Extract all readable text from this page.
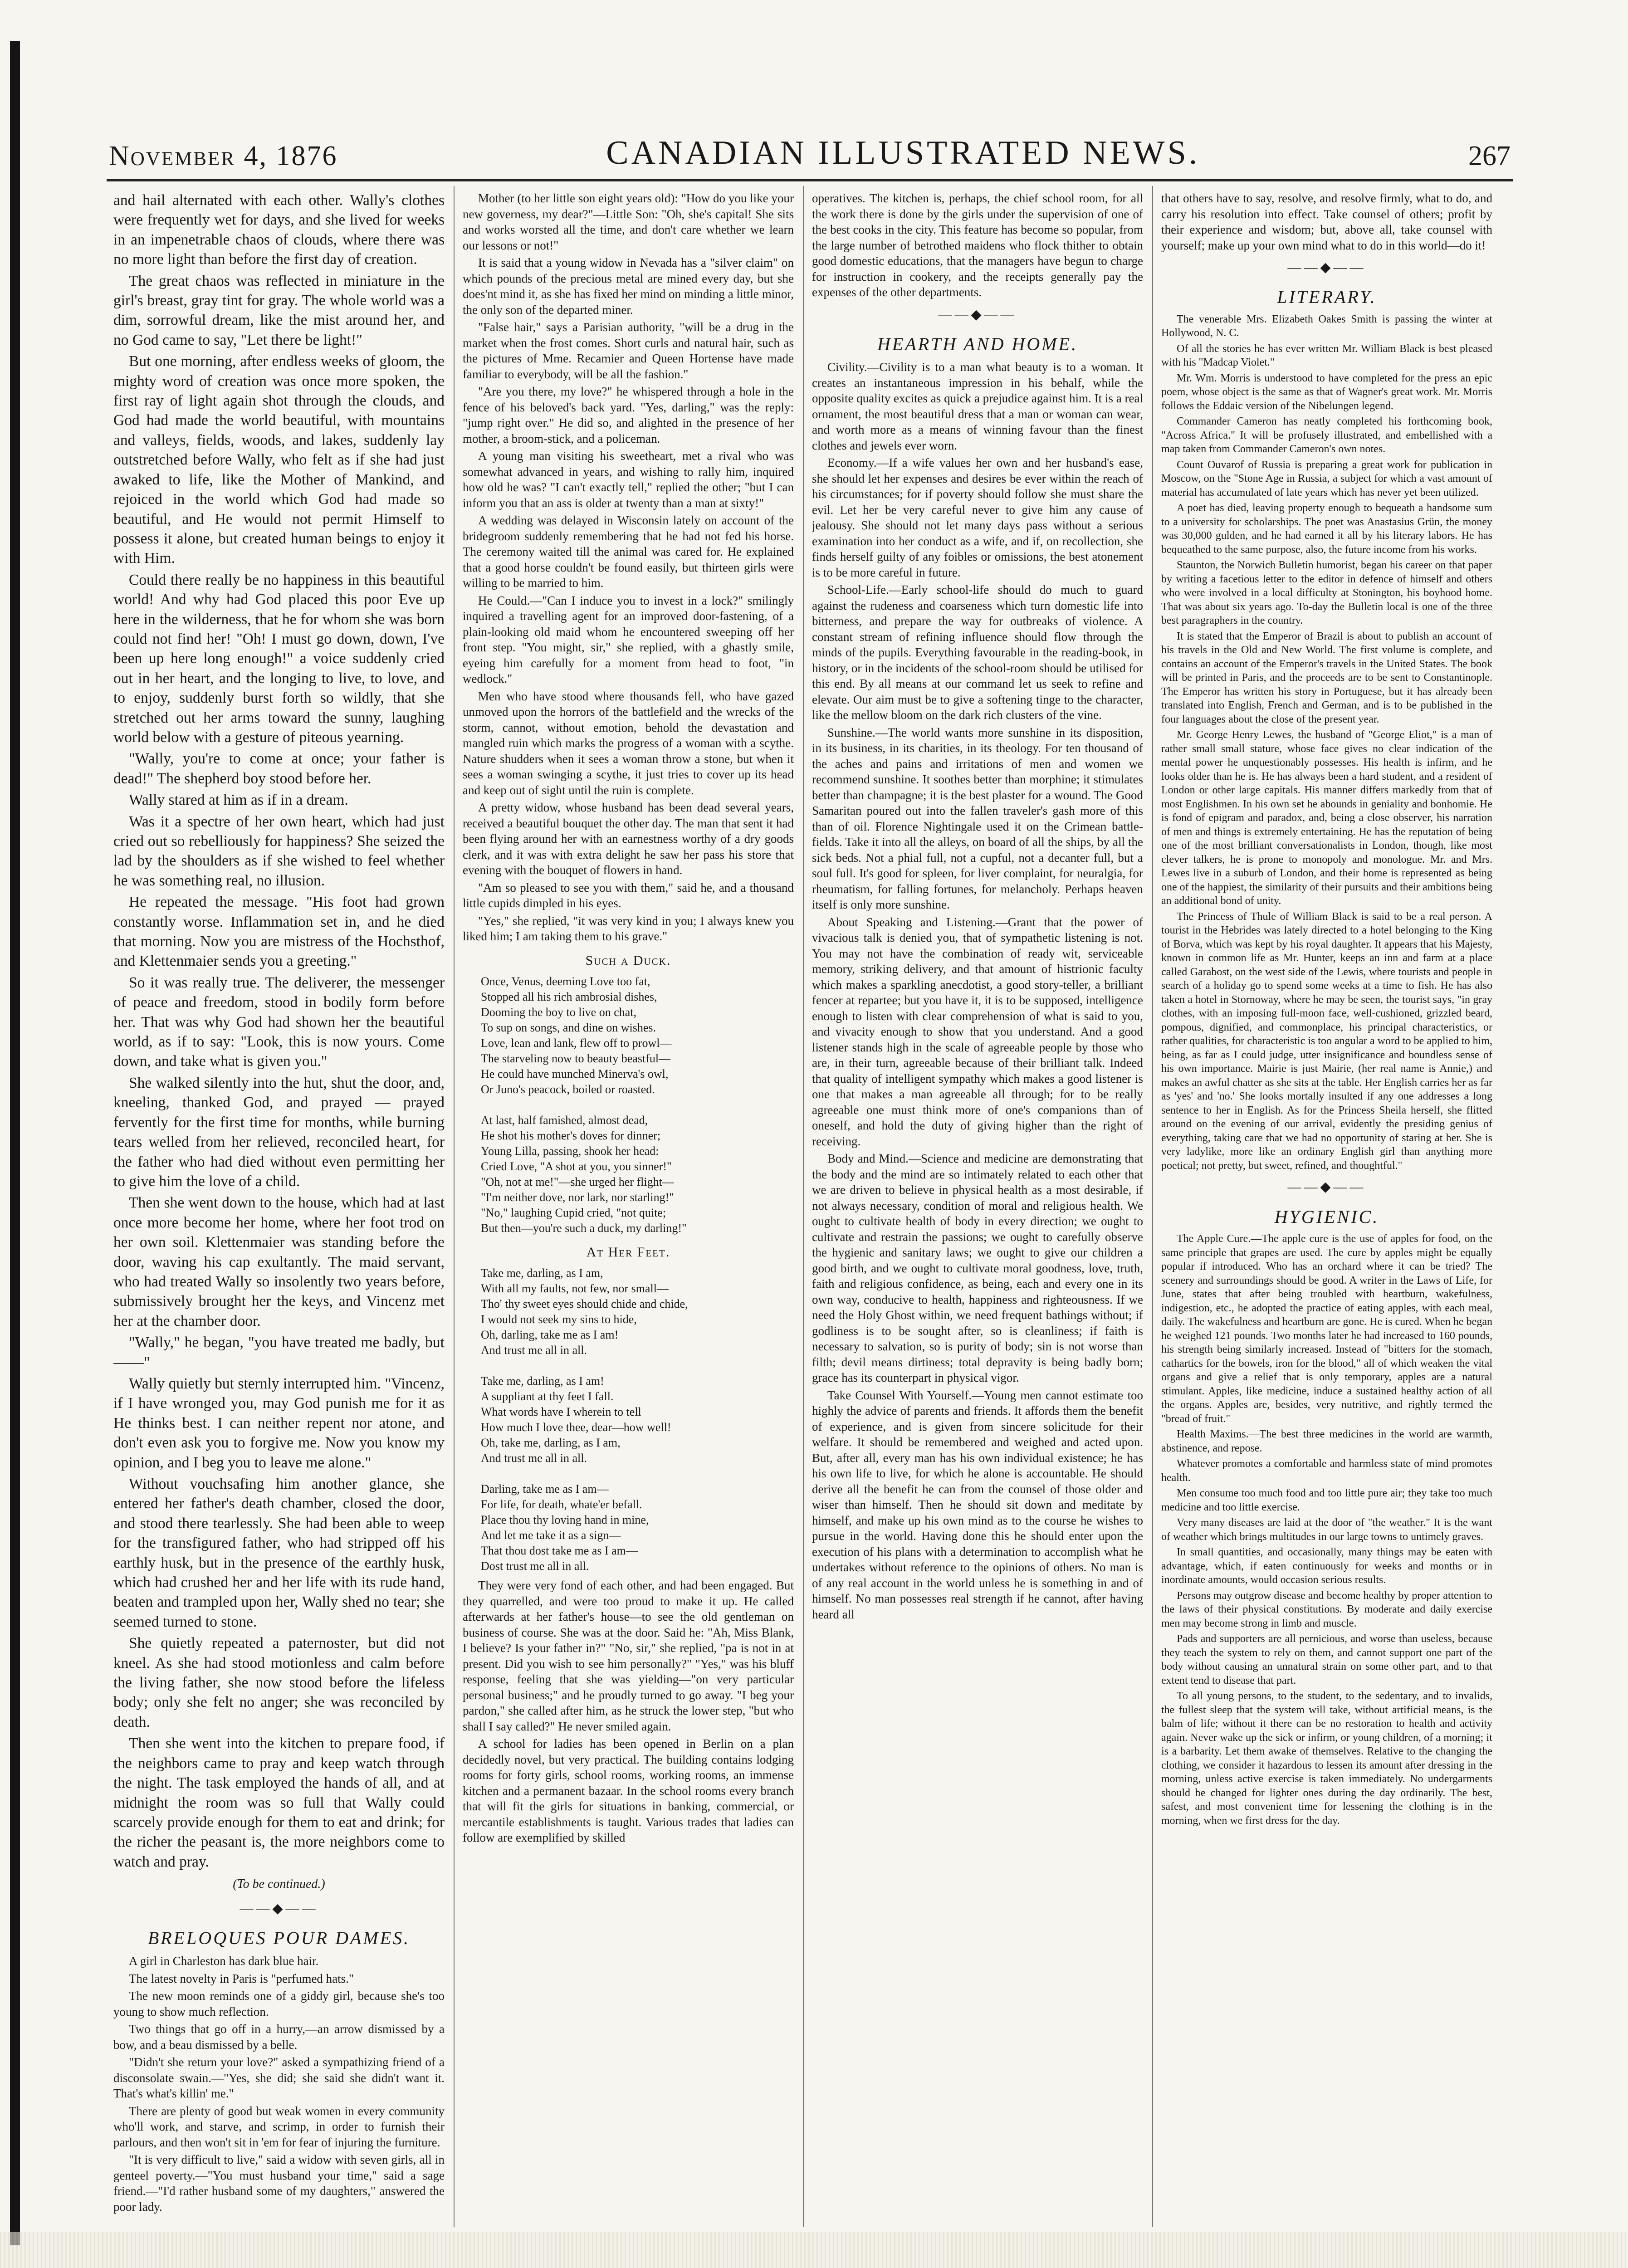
November 4, 1876	CANADIAN ILLUSTRATED NEWS.	267

and hail alternated with each other. Wally's clothes were frequently wet for days, and she lived for weeks in an impenetrable chaos of clouds, where there was no more light than before the first day of creation.

The great chaos was reflected in miniature in the girl's breast, gray tint for gray. The whole world was a dim, sorrowful dream, like the mist around her, and no God came to say, "Let there be light!"

But one morning, after endless weeks of gloom, the mighty word of creation was once more spoken, the first ray of light again shot through the clouds, and God had made the world beautiful, with mountains and valleys, fields, woods, and lakes, suddenly lay outstretched before Wally, who felt as if she had just awaked to life, like the Mother of Mankind, and rejoiced in the world which God had made so beautiful, and He would not permit Himself to possess it alone, but created human beings to enjoy it with Him.

Could there really be no happiness in this beautiful world! And why had God placed this poor Eve up here in the wilderness, that he for whom she was born could not find her! "Oh! I must go down, down, I've been up here long enough!" a voice suddenly cried out in her heart, and the longing to live, to love, and to enjoy, suddenly burst forth so wildly, that she stretched out her arms toward the sunny, laughing world below with a gesture of piteous yearning.

"Wally, you're to come at once; your father is dead!" The shepherd boy stood before her.

Wally stared at him as if in a dream.

Was it a spectre of her own heart, which had just cried out so rebelliously for happiness? She seized the lad by the shoulders as if she wished to feel whether he was something real, no illusion.

He repeated the message. "His foot had grown constantly worse. Inflammation set in, and he died that morning. Now you are mistress of the Hochsthof, and Klettenmaier sends you a greeting."

So it was really true. The deliverer, the messenger of peace and freedom, stood in bodily form before her. That was why God had shown her the beautiful world, as if to say: "Look, this is now yours. Come down, and take what is given you."

She walked silently into the hut, shut the door, and, kneeling, thanked God, and prayed — prayed fervently for the first time for months, while burning tears welled from her relieved, reconciled heart, for the father who had died without even permitting her to give him the love of a child.

Then she went down to the house, which had at last once more become her home, where her foot trod on her own soil. Klettenmaier was standing before the door, waving his cap exultantly. The maid servant, who had treated Wally so insolently two years before, submissively brought her the keys, and Vincenz met her at the chamber door.

"Wally," he began, "you have treated me badly, but——"

Wally quietly but sternly interrupted him. "Vincenz, if I have wronged you, may God punish me for it as He thinks best. I can neither repent nor atone, and don't even ask you to forgive me. Now you know my opinion, and I beg you to leave me alone."

Without vouchsafing him another glance, she entered her father's death chamber, closed the door, and stood there tearlessly. She had been able to weep for the transfigured father, who had stripped off his earthly husk, but in the presence of the earthly husk, which had crushed her and her life with its rude hand, beaten and trampled upon her, Wally shed no tear; she seemed turned to stone.

She quietly repeated a paternoster, but did not kneel. As she had stood motionless and calm before the living father, she now stood before the lifeless body; only she felt no anger; she was reconciled by death.

Then she went into the kitchen to prepare food, if the neighbors came to pray and keep watch through the night. The task employed the hands of all, and at midnight the room was so full that Wally could scarcely provide enough for them to eat and drink; for the richer the peasant is, the more neighbors come to watch and pray.

(To be continued.)
——◆——
BRELOQUES POUR DAMES.

A girl in Charleston has dark blue hair.

The latest novelty in Paris is "perfumed hats."

The new moon reminds one of a giddy girl, because she's too young to show much reflection.

Two things that go off in a hurry,—an arrow dismissed by a bow, and a beau dismissed by a belle.

"Didn't she return your love?" asked a sympathizing friend of a disconsolate swain.—"Yes, she did; she said she didn't want it. That's what's killin' me."

There are plenty of good but weak women in every community who'll work, and starve, and scrimp, in order to furnish their parlours, and then won't sit in 'em for fear of injuring the furniture.

"It is very difficult to live," said a widow with seven girls, all in genteel poverty.—"You must husband your time," said a sage friend.—"I'd rather husband some of my daughters," answered the poor lady.

Mother (to her little son eight years old): "How do you like your new governess, my dear?"—Little Son: "Oh, she's capital! She sits and works worsted all the time, and don't care whether we learn our lessons or not!"

It is said that a young widow in Nevada has a "silver claim" on which pounds of the precious metal are mined every day, but she does'nt mind it, as she has fixed her mind on minding a little minor, the only son of the departed miner.

"False hair," says a Parisian authority, "will be a drug in the market when the frost comes. Short curls and natural hair, such as the pictures of Mme. Recamier and Queen Hortense have made familiar to everybody, will be all the fashion."

"Are you there, my love?" he whispered through a hole in the fence of his beloved's back yard. "Yes, darling," was the reply: "jump right over." He did so, and alighted in the presence of her mother, a broom-stick, and a policeman.

A young man visiting his sweetheart, met a rival who was somewhat advanced in years, and wishing to rally him, inquired how old he was? "I can't exactly tell," replied the other; "but I can inform you that an ass is older at twenty than a man at sixty!"

A wedding was delayed in Wisconsin lately on account of the bridegroom suddenly remembering that he had not fed his horse. The ceremony waited till the animal was cared for. He explained that a good horse couldn't be found easily, but thirteen girls were willing to be married to him.

He Could.—"Can I induce you to invest in a lock?" smilingly inquired a travelling agent for an improved door-fastening, of a plain-looking old maid whom he encountered sweeping off her front step. "You might, sir," she replied, with a ghastly smile, eyeing him carefully for a moment from head to foot, "in wedlock."

Men who have stood where thousands fell, who have gazed unmoved upon the horrors of the battlefield and the wrecks of the storm, cannot, without emotion, behold the devastation and mangled ruin which marks the progress of a woman with a scythe. Nature shudders when it sees a woman throw a stone, but when it sees a woman swinging a scythe, it just tries to cover up its head and keep out of sight until the ruin is complete.

A pretty widow, whose husband has been dead several years, received a beautiful bouquet the other day. The man that sent it had been flying around her with an earnestness worthy of a dry goods clerk, and it was with extra delight he saw her pass his store that evening with the bouquet of flowers in hand.

"Am so pleased to see you with them," said he, and a thousand little cupids dimpled in his eyes.

"Yes," she replied, "it was very kind in you; I always knew you liked him; I am taking them to his grave."

Such a Duck.
Once, Venus, deeming Love too fat,
Stopped all his rich ambrosial dishes,
Dooming the boy to live on chat,
To sup on songs, and dine on wishes.
Love, lean and lank, flew off to prowl—
The starveling now to beauty beastful—
He could have munched Minerva's owl,
Or Juno's peacock, boiled or roasted.

At last, half famished, almost dead,
He shot his mother's doves for dinner;
Young Lilla, passing, shook her head:
Cried Love, "A shot at you, you sinner!"
"Oh, not at me!"—she urged her flight—
"I'm neither dove, nor lark, nor starling!"
"No," laughing Cupid cried, "not quite;
But then—you're such a duck, my darling!"
At Her Feet.
Take me, darling, as I am,
With all my faults, not few, nor small—
Tho' thy sweet eyes should chide and chide,
I would not seek my sins to hide,
Oh, darling, take me as I am!
And trust me all in all.

Take me, darling, as I am!
A suppliant at thy feet I fall.
What words have I wherein to tell
How much I love thee, dear—how well!
Oh, take me, darling, as I am,
And trust me all in all.

Darling, take me as I am—
For life, for death, whate'er befall.
Place thou thy loving hand in mine,
And let me take it as a sign—
That thou dost take me as I am—
Dost trust me all in all.

They were very fond of each other, and had been engaged. But they quarrelled, and were too proud to make it up. He called afterwards at her father's house—to see the old gentleman on business of course. She was at the door. Said he: "Ah, Miss Blank, I believe? Is your father in?" "No, sir," she replied, "pa is not in at present. Did you wish to see him personally?" "Yes," was his bluff response, feeling that she was yielding—"on very particular personal business;" and he proudly turned to go away. "I beg your pardon," she called after him, as he struck the lower step, "but who shall I say called?" He never smiled again.

A school for ladies has been opened in Berlin on a plan decidedly novel, but very practical. The building contains lodging rooms for forty girls, school rooms, working rooms, an immense kitchen and a permanent bazaar. In the school rooms every branch that will fit the girls for situations in banking, commercial, or mercantile establishments is taught. Various trades that ladies can follow are exemplified by skilled

operatives. The kitchen is, perhaps, the chief school room, for all the work there is done by the girls under the supervision of one of the best cooks in the city. This feature has become so popular, from the large number of betrothed maidens who flock thither to obtain good domestic educations, that the managers have begun to charge for instruction in cookery, and the receipts generally pay the expenses of the other departments.

——◆——
HEARTH AND HOME.

Civility.—Civility is to a man what beauty is to a woman. It creates an instantaneous impression in his behalf, while the opposite quality excites as quick a prejudice against him. It is a real ornament, the most beautiful dress that a man or woman can wear, and worth more as a means of winning favour than the finest clothes and jewels ever worn.

Economy.—If a wife values her own and her husband's ease, she should let her expenses and desires be ever within the reach of his circumstances; for if poverty should follow she must share the evil. Let her be very careful never to give him any cause of jealousy. She should not let many days pass without a serious examination into her conduct as a wife, and if, on recollection, she finds herself guilty of any foibles or omissions, the best atonement is to be more careful in future.

School-Life.—Early school-life should do much to guard against the rudeness and coarseness which turn domestic life into bitterness, and prepare the way for outbreaks of violence. A constant stream of refining influence should flow through the minds of the pupils. Everything favourable in the reading-book, in history, or in the incidents of the school-room should be utilised for this end. By all means at our command let us seek to refine and elevate. Our aim must be to give a softening tinge to the character, like the mellow bloom on the dark rich clusters of the vine.

Sunshine.—The world wants more sunshine in its disposition, in its business, in its charities, in its theology. For ten thousand of the aches and pains and irritations of men and women we recommend sunshine. It soothes better than morphine; it stimulates better than champagne; it is the best plaster for a wound. The Good Samaritan poured out into the fallen traveler's gash more of this than of oil. Florence Nightingale used it on the Crimean battle-fields. Take it into all the alleys, on board of all the ships, by all the sick beds. Not a phial full, not a cupful, not a decanter full, but a soul full. It's good for spleen, for liver complaint, for neuralgia, for rheumatism, for falling fortunes, for melancholy. Perhaps heaven itself is only more sunshine.

About Speaking and Listening.—Grant that the power of vivacious talk is denied you, that of sympathetic listening is not. You may not have the combination of ready wit, serviceable memory, striking delivery, and that amount of histrionic faculty which makes a sparkling anecdotist, a good story-teller, a brilliant fencer at repartee; but you have it, it is to be supposed, intelligence enough to listen with clear comprehension of what is said to you, and vivacity enough to show that you understand. And a good listener stands high in the scale of agreeable people by those who are, in their turn, agreeable because of their brilliant talk. Indeed that quality of intelligent sympathy which makes a good listener is one that makes a man agreeable all through; for to be really agreeable one must think more of one's companions than of oneself, and hold the duty of giving higher than the right of receiving.

Body and Mind.—Science and medicine are demonstrating that the body and the mind are so intimately related to each other that we are driven to believe in physical health as a most desirable, if not always necessary, condition of moral and religious health. We ought to cultivate health of body in every direction; we ought to cultivate and restrain the passions; we ought to carefully observe the hygienic and sanitary laws; we ought to give our children a good birth, and we ought to cultivate moral goodness, love, truth, faith and religious confidence, as being, each and every one in its own way, conducive to health, happiness and righteousness. If we need the Holy Ghost within, we need frequent bathings without; if godliness is to be sought after, so is cleanliness; if faith is necessary to salvation, so is purity of body; sin is not worse than filth; devil means dirtiness; total depravity is being badly born; grace has its counterpart in physical vigor.

Take Counsel With Yourself.—Young men cannot estimate too highly the advice of parents and friends. It affords them the benefit of experience, and is given from sincere solicitude for their welfare. It should be remembered and weighed and acted upon. But, after all, every man has his own individual existence; he has his own life to live, for which he alone is accountable. He should derive all the benefit he can from the counsel of those older and wiser than himself. Then he should sit down and meditate by himself, and make up his own mind as to the course he wishes to pursue in the world. Having done this he should enter upon the execution of his plans with a determination to accomplish what he undertakes without reference to the opinions of others. No man is of any real account in the world unless he is something in and of himself. No man possesses real strength if he cannot, after having heard all

that others have to say, resolve, and resolve firmly, what to do, and carry his resolution into effect. Take counsel of others; profit by their experience and wisdom; but, above all, take counsel with yourself; make up your own mind what to do in this world—do it!

——◆——
LITERARY.

The venerable Mrs. Elizabeth Oakes Smith is passing the winter at Hollywood, N. C.

Of all the stories he has ever written Mr. William Black is best pleased with his "Madcap Violet."

Mr. Wm. Morris is understood to have completed for the press an epic poem, whose object is the same as that of Wagner's great work. Mr. Morris follows the Eddaic version of the Nibelungen legend.

Commander Cameron has neatly completed his forthcoming book, "Across Africa." It will be profusely illustrated, and embellished with a map taken from Commander Cameron's own notes.

Count Ouvarof of Russia is preparing a great work for publication in Moscow, on the "Stone Age in Russia, a subject for which a vast amount of material has accumulated of late years which has never yet been utilized.

A poet has died, leaving property enough to bequeath a handsome sum to a university for scholarships. The poet was Anastasius Grün, the money was 30,000 gulden, and he had earned it all by his literary labors. He has bequeathed to the same purpose, also, the future income from his works.

Staunton, the Norwich Bulletin humorist, began his career on that paper by writing a facetious letter to the editor in defence of himself and others who were involved in a local difficulty at Stonington, his boyhood home. That was about six years ago. To-day the Bulletin local is one of the three best paragraphers in the country.

It is stated that the Emperor of Brazil is about to publish an account of his travels in the Old and New World. The first volume is complete, and contains an account of the Emperor's travels in the United States. The book will be printed in Paris, and the proceeds are to be sent to Constantinople. The Emperor has written his story in Portuguese, but it has already been translated into English, French and German, and is to be published in the four languages about the close of the present year.

Mr. George Henry Lewes, the husband of "George Eliot," is a man of rather small small stature, whose face gives no clear indication of the mental power he unquestionably possesses. His health is infirm, and he looks older than he is. He has always been a hard student, and a resident of London or other large capitals. His manner differs markedly from that of most Englishmen. In his own set he abounds in geniality and bonhomie. He is fond of epigram and paradox, and, being a close observer, his narration of men and things is extremely entertaining. He has the reputation of being one of the most brilliant conversationalists in London, though, like most clever talkers, he is prone to monopoly and monologue. Mr. and Mrs. Lewes live in a suburb of London, and their home is represented as being one of the happiest, the similarity of their pursuits and their ambitions being an additional bond of unity.

The Princess of Thule of William Black is said to be a real person. A tourist in the Hebrides was lately directed to a hotel belonging to the King of Borva, which was kept by his royal daughter. It appears that his Majesty, known in common life as Mr. Hunter, keeps an inn and farm at a place called Garabost, on the west side of the Lewis, where tourists and people in search of a holiday go to spend some weeks at a time to fish. He has also taken a hotel in Stornoway, where he may be seen, the tourist says, "in gray clothes, with an imposing full-moon face, well-cushioned, grizzled beard, pompous, dignified, and commonplace, his principal characteristics, or rather qualities, for characteristic is too angular a word to be applied to him, being, as far as I could judge, utter insignificance and boundless sense of his own importance. Mairie is just Mairie, (her real name is Annie,) and makes an awful chatter as she sits at the table. Her English carries her as far as 'yes' and 'no.' She looks mortally insulted if any one addresses a long sentence to her in English. As for the Princess Sheila herself, she flitted around on the evening of our arrival, evidently the presiding genius of everything, taking care that we had no opportunity of staring at her. She is very ladylike, more like an ordinary English girl than anything more poetical; not pretty, but sweet, refined, and thoughtful."

——◆——
HYGIENIC.

The Apple Cure.—The apple cure is the use of apples for food, on the same principle that grapes are used. The cure by apples might be equally popular if introduced. Who has an orchard where it can be tried? The scenery and surroundings should be good. A writer in the Laws of Life, for June, states that after being troubled with heartburn, wakefulness, indigestion, etc., he adopted the practice of eating apples, with each meal, daily. The wakefulness and heartburn are gone. He is cured. When he began he weighed 121 pounds. Two months later he had increased to 160 pounds, his strength being similarly increased. Instead of "bitters for the stomach, cathartics for the bowels, iron for the blood," all of which weaken the vital organs and give a relief that is only temporary, apples are a natural stimulant. Apples, like medicine, induce a sustained healthy action of all the organs. Apples are, besides, very nutritive, and rightly termed the "bread of fruit."

Health Maxims.—The best three medicines in the world are warmth, abstinence, and repose.

Whatever promotes a comfortable and harmless state of mind promotes health.

Men consume too much food and too little pure air; they take too much medicine and too little exercise.

Very many diseases are laid at the door of "the weather." It is the want of weather which brings multitudes in our large towns to untimely graves.

In small quantities, and occasionally, many things may be eaten with advantage, which, if eaten continuously for weeks and months or in inordinate amounts, would occasion serious results.

Persons may outgrow disease and become healthy by proper attention to the laws of their physical constitutions. By moderate and daily exercise men may become strong in limb and muscle.

Pads and supporters are all pernicious, and worse than useless, because they teach the system to rely on them, and cannot support one part of the body without causing an unnatural strain on some other part, and to that extent tend to disease that part.

To all young persons, to the student, to the sedentary, and to invalids, the fullest sleep that the system will take, without artificial means, is the balm of life; without it there can be no restoration to health and activity again. Never wake up the sick or infirm, or young children, of a morning; it is a barbarity. Let them awake of themselves. Relative to the changing the clothing, we consider it hazardous to lessen its amount after dressing in the morning, unless active exercise is taken immediately. No undergarments should be changed for lighter ones during the day ordinarily. The best, safest, and most convenient time for lessening the clothing is in the morning, when we first dress for the day.
